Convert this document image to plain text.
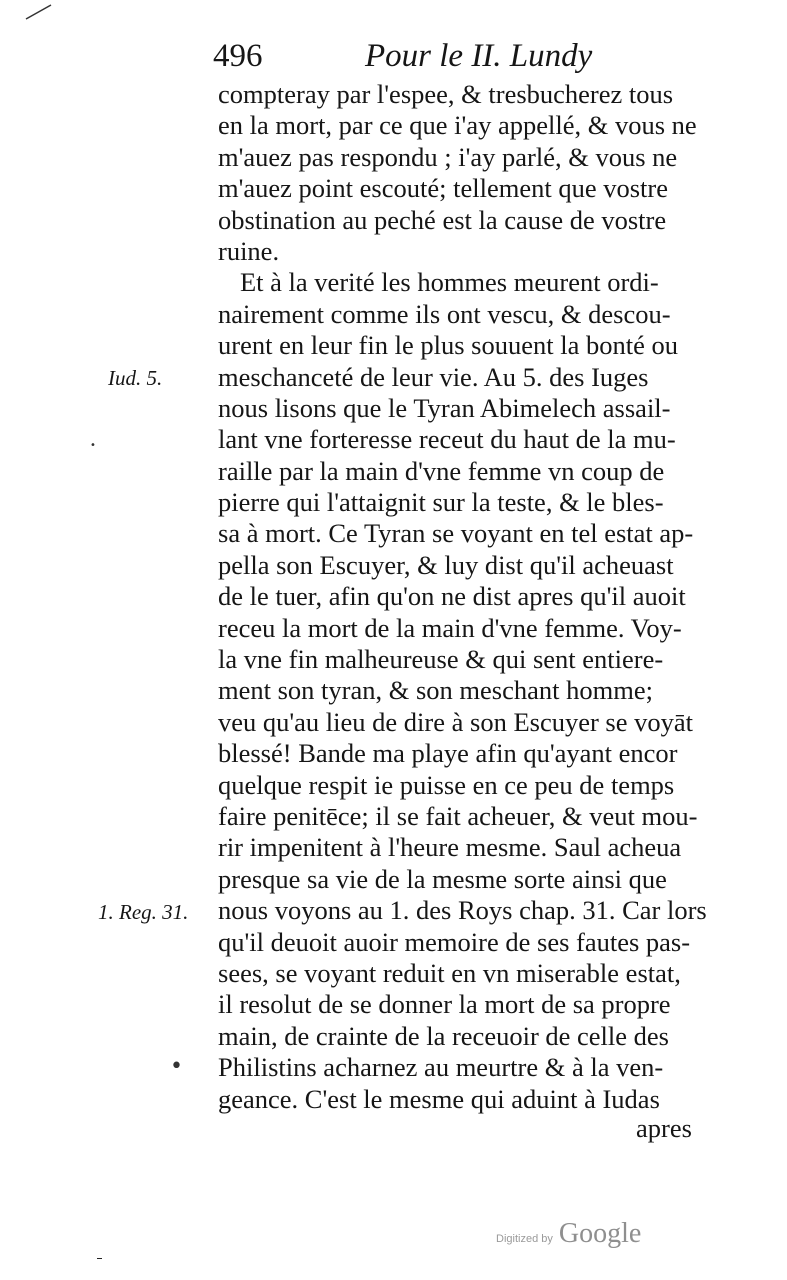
496	Pour le II. Lundy
compteray par l'espee, & tresbucherez tous
en la mort, par ce que i'ay appellé, & vous ne
m'auez pas respondu ; i'ay parlé, & vous ne
m'auez point escouté; tellement que vostre
obstination au peché est la cause de vostre
ruine.
Et à la verité les hommes meurent ordi-
nairement comme ils ont vescu, & descou-
urent en leur fin le plus souuent la bonté ou
meschanceté de leur vie. Au 5. des Iuges
nous lisons que le Tyran Abimelech assail-
lant vne forteresse receut du haut de la mu-
raille par la main d'vne femme vn coup de
pierre qui l'attaignit sur la teste, & le bles-
sa à mort. Ce Tyran se voyant en tel estat ap-
pella son Escuyer, & luy dist qu'il acheuast
de le tuer, afin qu'on ne dist apres qu'il auoit
receu la mort de la main d'vne femme. Voy-
la vne fin malheureuse & qui sent entiere-
ment son tyran, & son meschant homme;
veu qu'au lieu de dire à son Escuyer se voyāt
blessé! Bande ma playe afin qu'ayant encor
quelque respit ie puisse en ce peu de temps
faire penitēce; il se fait acheuer, & veut mou-
rir impenitent à l'heure mesme. Saul acheua
presque sa vie de la mesme sorte ainsi que
nous voyons au 1. des Roys chap. 31. Car lors
qu'il deuoit auoir memoire de ses fautes pas-
sees, se voyant reduit en vn miserable estat,
il resolut de se donner la mort de sa propre
main, de crainte de la receuoir de celle des
Philistins acharnez au meurtre & à la ven-
geance. C'est le mesme qui aduint à Iudas
apres
Iud. 5.
1. Reg. 31.
•
•
Digitized by Google
